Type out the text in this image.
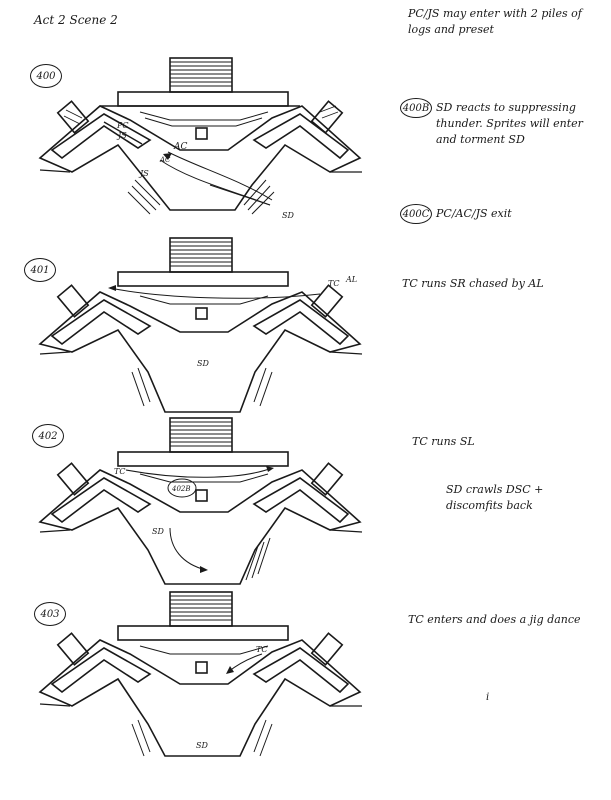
Act 2 Scene 2	PC/JS may enter with 2 piles of logs and preset
400
PC
JS
AC
AC
JS
SD
400B SD reacts to suppressing thunder. Sprites will enter and torment SD
400C PC/AC/JS exit
401
TC AL
SD
TC runs SR chased by AL
402
402B
TC
SD
TC runs SL
SD crawls DSC + discomfits back
403
TC
SD
i
TC enters and does a jig dance
